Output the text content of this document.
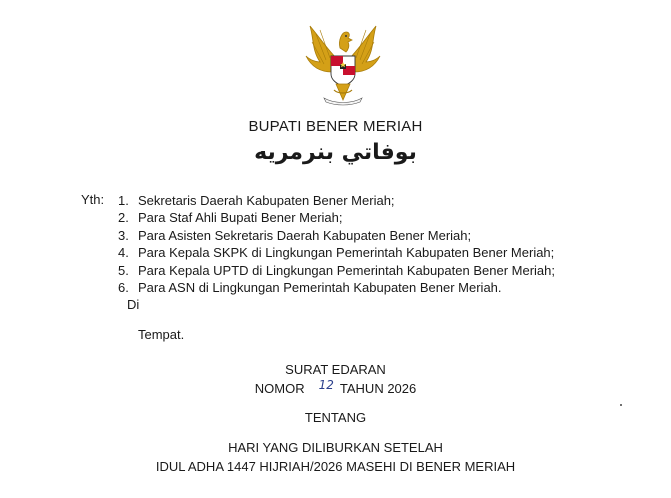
BUPATI BENER MERIAH
بوفاتي بنرمريه
Yth: 1. Sekretaris Daerah Kabupaten Bener Meriah;
2. Para Staf Ahli Bupati Bener Meriah;
3. Para Asisten Sekretaris Daerah Kabupaten Bener Meriah;
4. Para Kepala SKPK di Lingkungan Pemerintah Kabupaten Bener Meriah;
5. Para Kepala UPTD di Lingkungan Pemerintah Kabupaten Bener Meriah;
6. Para ASN di Lingkungan Pemerintah Kabupaten Bener Meriah.
Di
Tempat.
SURAT EDARAN
NOMOR 12 TAHUN 2026
TENTANG
HARI YANG DILIBURKAN SETELAH
IDUL ADHA 1447 HIJRIAH/2026 MASEHI DI BENER MERIAH
